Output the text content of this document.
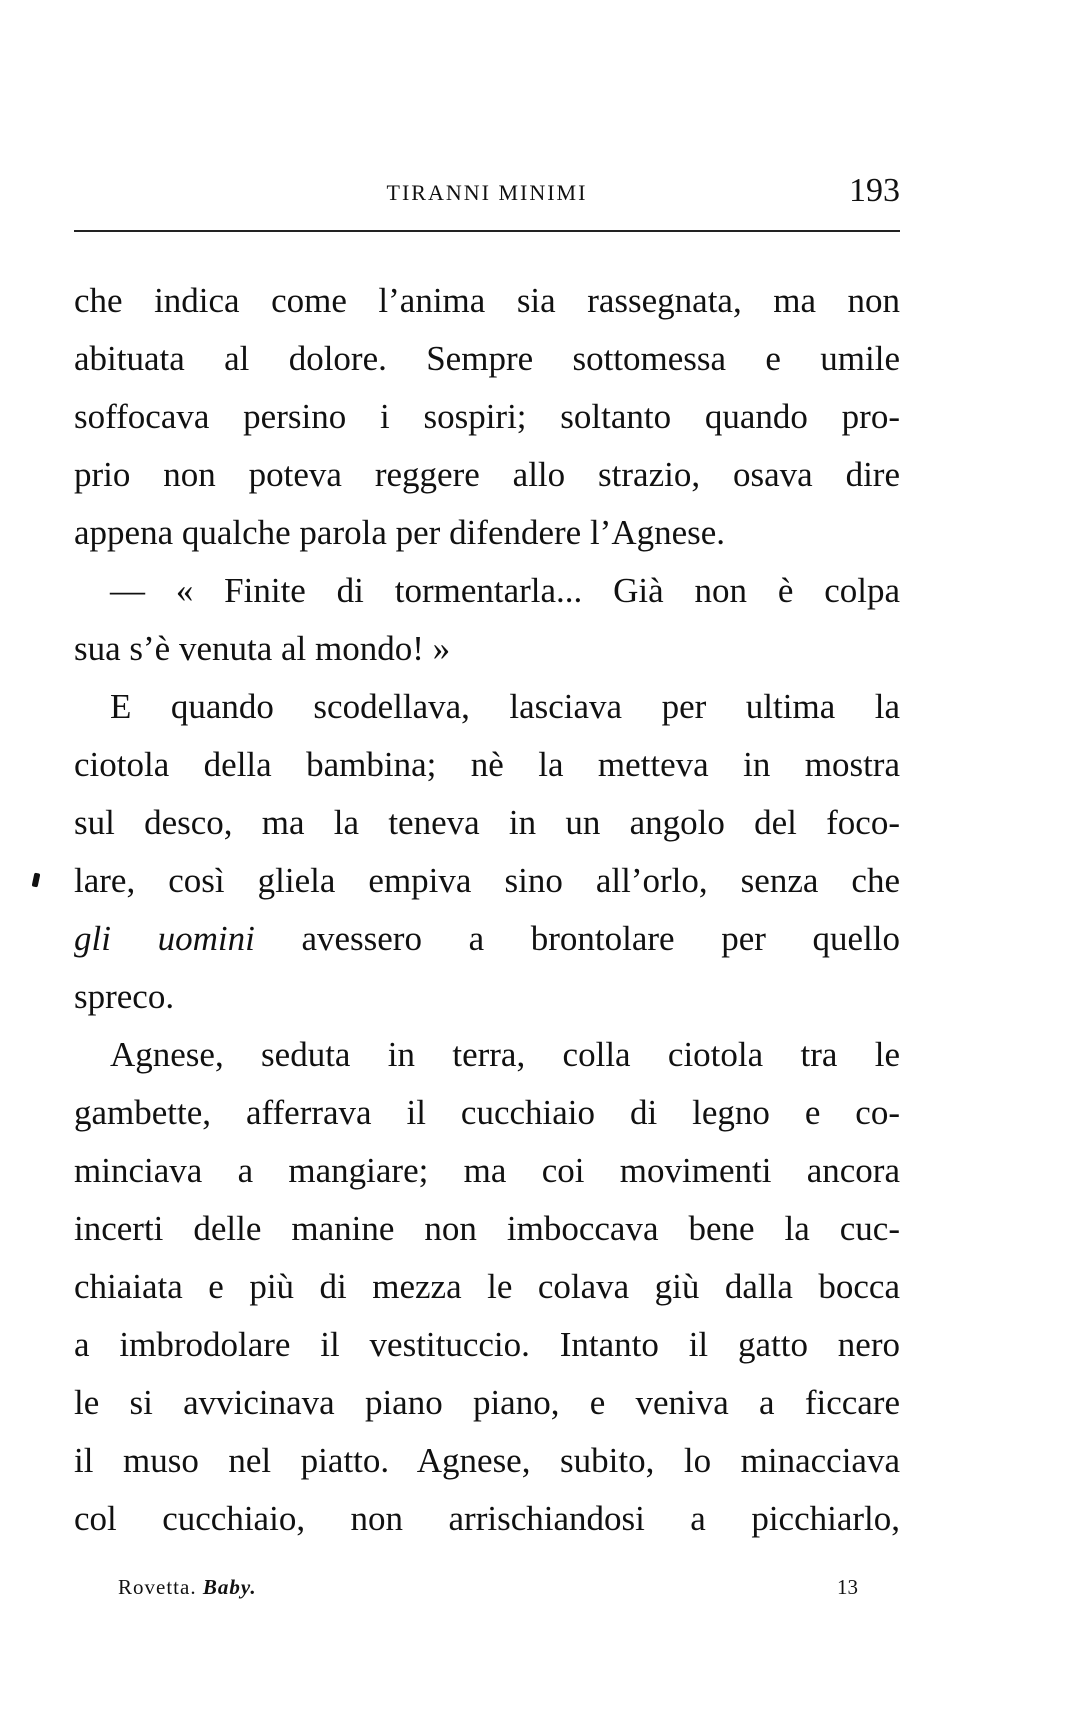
TIRANNI MINIMI	193
che indica come l’anima sia rassegnata, ma non
abituata al dolore. Sempre sottomessa e umile
soffocava persino i sospiri; soltanto quando pro-
prio non poteva reggere allo strazio, osava dire
appena qualche parola per difendere l’Agnese.
— « Finite di tormentarla... Già non è colpa
sua s’è venuta al mondo! »
E quando scodellava, lasciava per ultima la
ciotola della bambina; nè la metteva in mostra
sul desco, ma la teneva in un angolo del foco-
lare, così gliela empiva sino all’orlo, senza che
gli uomini avessero a brontolare per quello
spreco.
Agnese, seduta in terra, colla ciotola tra le
gambette, afferrava il cucchiaio di legno e co-
minciava a mangiare; ma coi movimenti ancora
incerti delle manine non imboccava bene la cuc-
chiaiata e più di mezza le colava giù dalla bocca
a imbrodolare il vestituccio. Intanto il gatto nero
le si avvicinava piano piano, e veniva a ficcare
il muso nel piatto. Agnese, subito, lo minacciava
col cucchiaio, non arrischiandosi a picchiarlo,
Rovetta. Baby.	13
